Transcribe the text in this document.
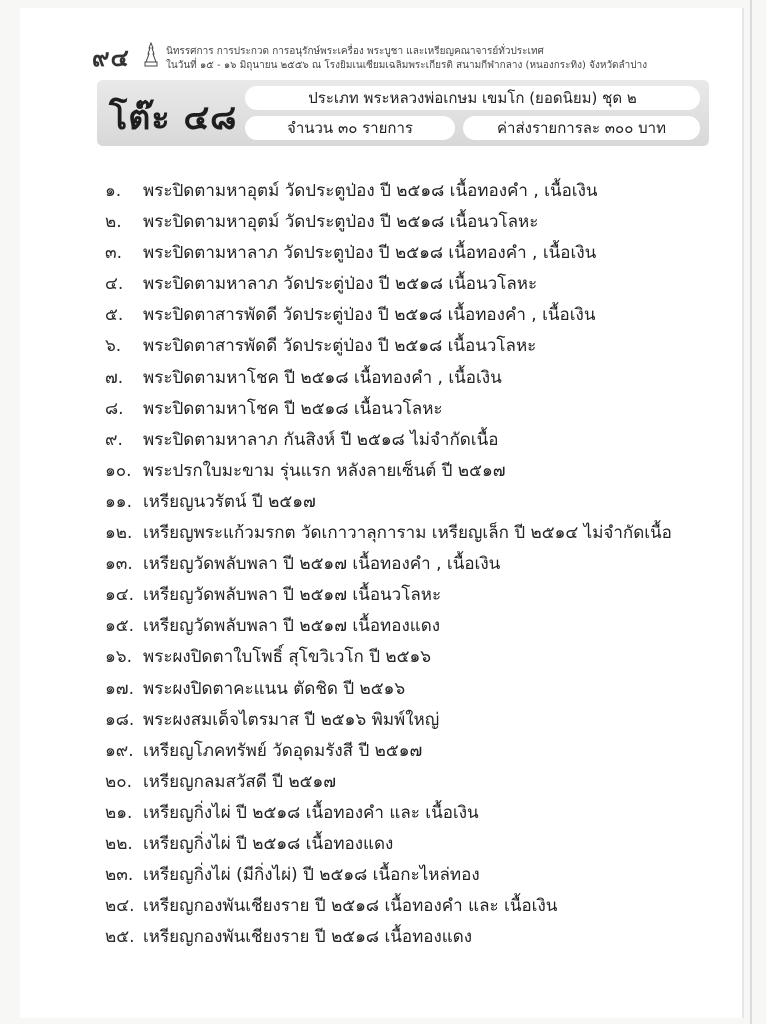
๙๔	นิทรรศการ การประกวด การอนุรักษ์พระเครื่อง พระบูชา และเหรียญคณาจารย์ทั่วประเทศ
ในวันที่ ๑๕ - ๑๖ มิถุนายน ๒๕๕๖ ณ โรงยิมเนเซียมเฉลิมพระเกียรติ สนามกีฬากลาง (หนองกระทิง) จังหวัดลำปาง
โต๊ะ ๔๘	ประเภท พระหลวงพ่อเกษม เขมโก (ยอดนิยม) ชุด ๒
จำนวน ๓๐ รายการ	ค่าส่งรายการละ ๓๐๐ บาท
๑. พระปิดตามหาอุตม์ วัดประตูป่อง ปี ๒๕๑๘ เนื้อทองคำ , เนื้อเงิน
๒. พระปิดตามหาอุตม์ วัดประตูป่อง ปี ๒๕๑๘ เนื้อนวโลหะ
๓. พระปิดตามหาลาภ วัดประตูป่อง ปี ๒๕๑๘ เนื้อทองคำ , เนื้อเงิน
๔. พระปิดตามหาลาภ วัดประตู่ป่อง ปี ๒๕๑๘ เนื้อนวโลหะ
๕. พระปิดตาสารพัดดี วัดประตู่ป่อง ปี ๒๕๑๘ เนื้อทองคำ , เนื้อเงิน
๖. พระปิดตาสารพัดดี วัดประตู่ป่อง ปี ๒๕๑๘ เนื้อนวโลหะ
๗. พระปิดตามหาโชค ปี ๒๕๑๘ เนื้อทองคำ , เนื้อเงิน
๘. พระปิดตามหาโชค ปี ๒๕๑๘ เนื้อนวโลหะ
๙. พระปิดตามหาลาภ กันสิงห์ ปี ๒๕๑๘ ไม่จำกัดเนื้อ
๑๐. พระปรกใบมะขาม รุ่นแรก หลังลายเซ็นต์ ปี ๒๕๑๗
๑๑. เหรียญนวรัตน์ ปี ๒๕๑๗
๑๒. เหรียญพระแก้วมรกต วัดเกาวาลุการาม เหรียญเล็ก ปี ๒๕๑๔ ไม่จำกัดเนื้อ
๑๓. เหรียญวัดพลับพลา ปี ๒๕๑๗ เนื้อทองคำ , เนื้อเงิน
๑๔. เหรียญวัดพลับพลา ปี ๒๕๑๗ เนื้อนวโลหะ
๑๕. เหรียญวัดพลับพลา ปี ๒๕๑๗ เนื้อทองแดง
๑๖. พระผงปิดตาใบโพธิ์ สุโขวิเวโก ปี ๒๕๑๖
๑๗. พระผงปิดตาคะแนน ตัดชิด ปี ๒๕๑๖
๑๘. พระผงสมเด็จไตรมาส ปี ๒๕๑๖ พิมพ์ใหญ่
๑๙. เหรียญโภคทรัพย์ วัดอุดมรังสี ปี ๒๕๑๗
๒๐. เหรียญกลมสวัสดี ปี ๒๕๑๗
๒๑. เหรียญกิ่งไผ่ ปี ๒๕๑๘ เนื้อทองคำ และ เนื้อเงิน
๒๒. เหรียญกิ่งไผ่ ปี ๒๕๑๘ เนื้อทองแดง
๒๓. เหรียญกิ่งไผ่ (มีกิ่งไผ่) ปี ๒๕๑๘ เนื้อกะไหล่ทอง
๒๔. เหรียญกองพันเชียงราย ปี ๒๕๑๘ เนื้อทองคำ และ เนื้อเงิน
๒๕. เหรียญกองพันเชียงราย ปี ๒๕๑๘ เนื้อทองแดง
